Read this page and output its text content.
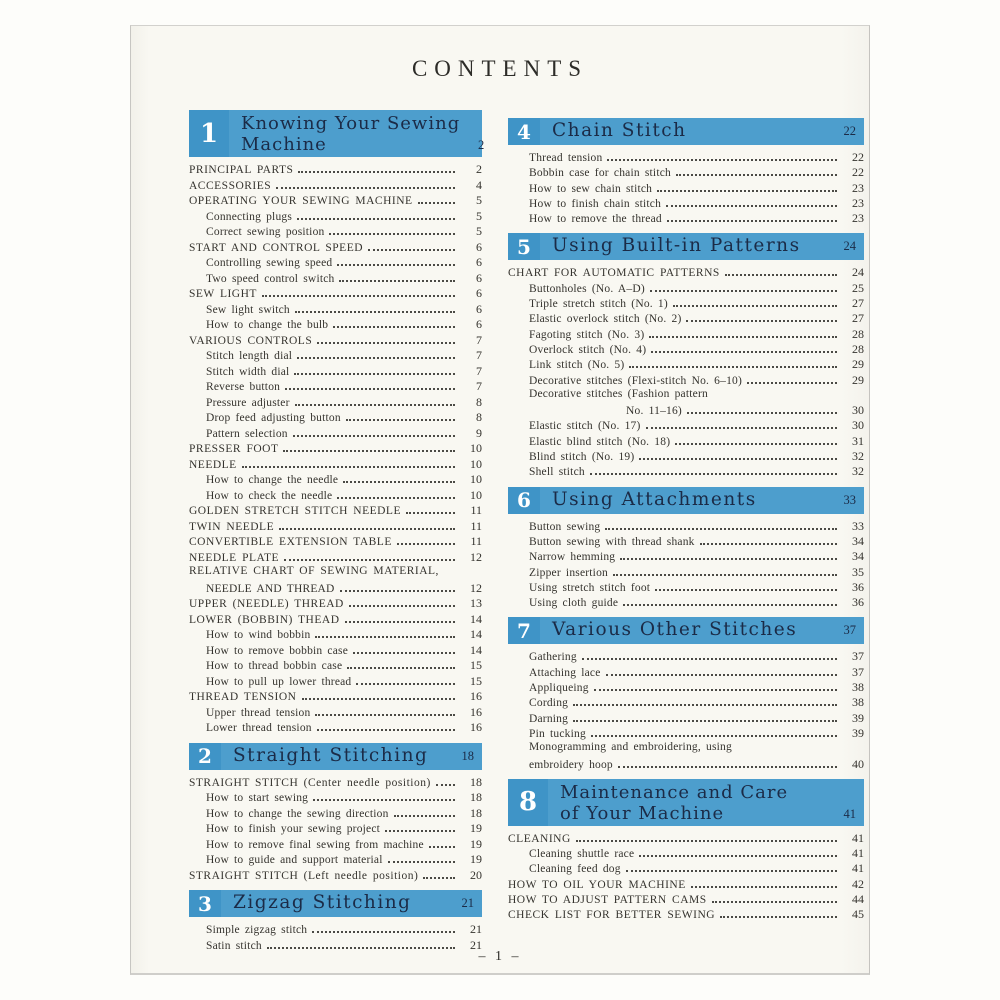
CONTENTS
1	Knowing Your Sewing
Machine	2
PRINCIPAL PARTS	2
ACCESSORIES	4
OPERATING YOUR SEWING MACHINE	5
Connecting plugs	5
Correct sewing position	5
START AND CONTROL SPEED	6
Controlling sewing speed	6
Two speed control switch	6
SEW LIGHT	6
Sew light switch	6
How to change the bulb	6
VARIOUS CONTROLS	7
Stitch length dial	7
Stitch width dial	7
Reverse button	7
Pressure adjuster	8
Drop feed adjusting button	8
Pattern selection	9
PRESSER FOOT	10
NEEDLE	10
How to change the needle	10
How to check the needle	10
GOLDEN STRETCH STITCH NEEDLE	11
TWIN NEEDLE	11
CONVERTIBLE EXTENSION TABLE	11
NEEDLE PLATE	12
RELATIVE CHART OF SEWING MATERIAL,
NEEDLE AND THREAD	12
UPPER (NEEDLE) THREAD	13
LOWER (BOBBIN) THEAD	14
How to wind bobbin	14
How to remove bobbin case	14
How to thread bobbin case	15
How to pull up lower thread	15
THREAD TENSION	16
Upper thread tension	16
Lower thread tension	16
2	Straight Stitching	18
STRAIGHT STITCH (Center needle position)	18
How to start sewing	18
How to change the sewing direction	18
How to finish your sewing project	19
How to remove final sewing from machine	19
How to guide and support material	19
STRAIGHT STITCH (Left needle position)	20
3	Zigzag Stitching	21
Simple zigzag stitch	21
Satin stitch	21
4	Chain Stitch	22
Thread tension	22
Bobbin case for chain stitch	22
How to sew chain stitch	23
How to finish chain stitch	23
How to remove the thread	23
5	Using Built-in Patterns	24
CHART FOR AUTOMATIC PATTERNS	24
Buttonholes (No. A–D)	25
Triple stretch stitch (No. 1)	27
Elastic overlock stitch (No. 2)	27
Fagoting stitch (No. 3)	28
Overlock stitch (No. 4)	28
Link stitch (No. 5)	29
Decorative stitches (Flexi-stitch No. 6–10)	29
Decorative stitches (Fashion pattern
No. 11–16)	30
Elastic stitch (No. 17)	30
Elastic blind stitch (No. 18)	31
Blind stitch (No. 19)	32
Shell stitch	32
6	Using Attachments	33
Button sewing	33
Button sewing with thread shank	34
Narrow hemming	34
Zipper insertion	35
Using stretch stitch foot	36
Using cloth guide	36
7	Various Other Stitches	37
Gathering	37
Attaching lace	37
Appliqueing	38
Cording	38
Darning	39
Pin tucking	39
Monogramming and embroidering, using
embroidery hoop	40
8	Maintenance and Care
of Your Machine	41
CLEANING	41
Cleaning shuttle race	41
Cleaning feed dog	41
HOW TO OIL YOUR MACHINE	42
HOW TO ADJUST PATTERN CAMS	44
CHECK LIST FOR BETTER SEWING	45
– 1 –
